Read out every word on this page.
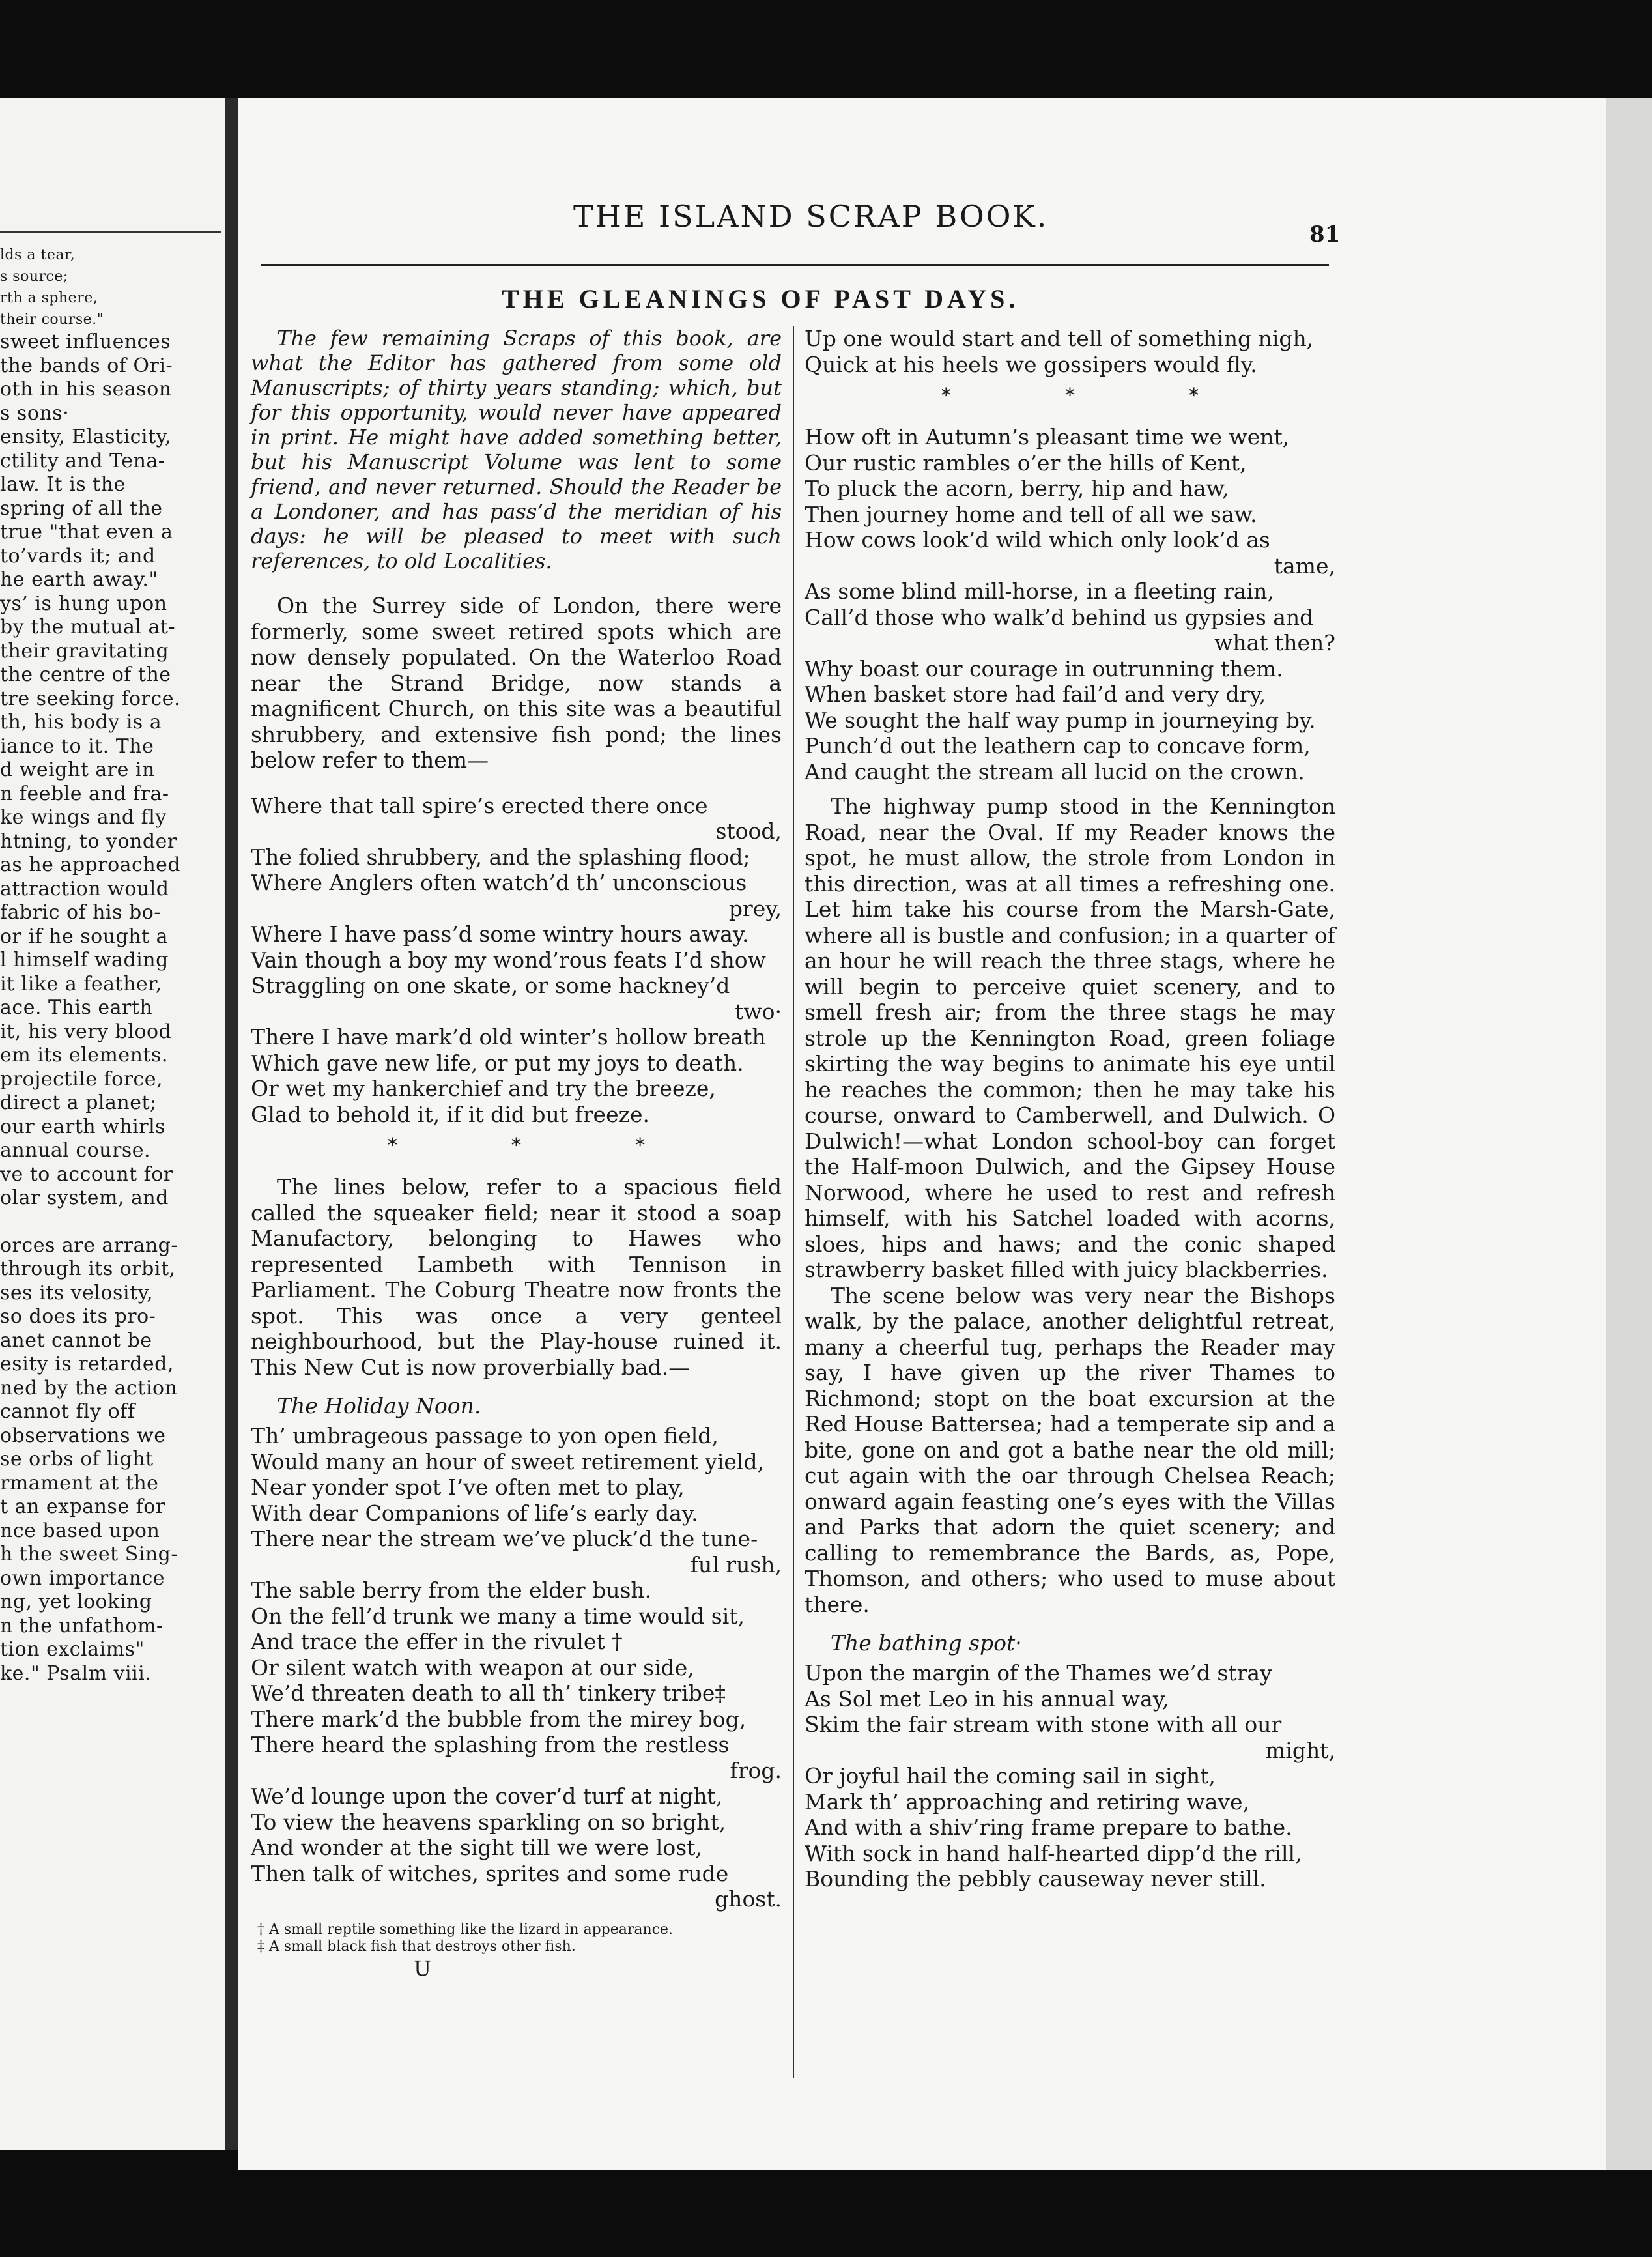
lds a tear,
s source;
rth a sphere,
their course."
sweet influences
the bands of Ori-
oth in his season
s sons·
ensity, Elasticity,
ctility and Tena-
law. It is the
spring of all the
true "that even a
to’vards it; and
he earth away."
ys’ is hung upon
by the mutual at-
their gravitating
the centre of the
tre seeking force.
th, his body is a
iance to it. The
d weight are in
n feeble and fra-
ke wings and fly
htning, to yonder
as he approached
attraction would
fabric of his bo-
or if he sought a
l himself wading
it like a feather,
ace. This earth
it, his very blood
em its elements.
projectile force,
direct a planet;
our earth whirls
annual course.
ve to account for
olar system, and
orces are arrang-
through its orbit,
ses its velosity,
so does its pro-
anet cannot be
esity is retarded,
ned by the action
cannot fly off
observations we
se orbs of light
rmament at the
t an expanse for
nce based upon
h the sweet Sing-
own importance
ng, yet looking
n the unfathom-
tion exclaims"
ke." Psalm viii.
THE ISLAND SCRAP BOOK.
81
THE GLEANINGS OF PAST DAYS.

The few remaining Scraps of this book, are what the Editor has gathered from some old Manuscripts; of thirty years standing; which, but for this opportunity, would never have appeared in print. He might have added something better, but his Manuscript Volume was lent to some friend, and never returned. Should the Reader be a Londoner, and has pass’d the meridian of his days: he will be pleased to meet with such references, to old Localities.

On the Surrey side of London, there were formerly, some sweet retired spots which are now densely populated. On the Waterloo Road near the Strand Bridge, now stands a magnificent Church, on this site was a beautiful shrubbery, and extensive fish pond; the lines below refer to them—

Where that tall spire’s erected there once
stood,
The folied shrubbery, and the splashing flood;
Where Anglers often watch’d th’ unconscious
prey,
Where I have pass’d some wintry hours away.
Vain though a boy my wond’rous feats I’d show
Straggling on one skate, or some hackney’d
two·
There I have mark’d old winter’s hollow breath
Which gave new life, or put my joys to death.
Or wet my hankerchief and try the breeze,
Glad to behold it, if it did but freeze.
*	*	*

The lines below, refer to a spacious field called the squeaker field; near it stood a soap Manufactory, belonging to Hawes who represented Lambeth with Tennison in Parliament. The Coburg Theatre now fronts the spot. This was once a very genteel neighbourhood, but the Play-house ruined it. This New Cut is now proverbially bad.—

The Holiday Noon.
Th’ umbrageous passage to yon open field,
Would many an hour of sweet retirement yield,
Near yonder spot I’ve often met to play,
With dear Companions of life’s early day.
There near the stream we’ve pluck’d the tune-
ful rush,
The sable berry from the elder bush.
On the fell’d trunk we many a time would sit,
And trace the effer in the rivulet †
Or silent watch with weapon at our side,
We’d threaten death to all th’ tinkery tribe‡
There mark’d the bubble from the mirey bog,
There heard the splashing from the restless
frog.
We’d lounge upon the cover’d turf at night,
To view the heavens sparkling on so bright,
And wonder at the sight till we were lost,
Then talk of witches, sprites and some rude
ghost.
† A small reptile something like the lizard in appearance.
‡ A small black fish that destroys other fish.
U
Up one would start and tell of something nigh,
Quick at his heels we gossipers would fly.
*	*	*
How oft in Autumn’s pleasant time we went,
Our rustic rambles o’er the hills of Kent,
To pluck the acorn, berry, hip and haw,
Then journey home and tell of all we saw.
How cows look’d wild which only look’d as
tame,
As some blind mill-horse, in a fleeting rain,
Call’d those who walk’d behind us gypsies and
what then?
Why boast our courage in outrunning them.
When basket store had fail’d and very dry,
We sought the half way pump in journeying by.
Punch’d out the leathern cap to concave form,
And caught the stream all lucid on the crown.

The highway pump stood in the Kennington Road, near the Oval. If my Reader knows the spot, he must allow, the strole from London in this direction, was at all times a refreshing one. Let him take his course from the Marsh-Gate, where all is bustle and confusion; in a quarter of an hour he will reach the three stags, where he will begin to perceive quiet scenery, and to smell fresh air; from the three stags he may strole up the Kennington Road, green foliage skirting the way begins to animate his eye until he reaches the common; then he may take his course, onward to Camberwell, and Dulwich. O Dulwich!—what London school-boy can forget the Half-moon Dulwich, and the Gipsey House Norwood, where he used to rest and refresh himself, with his Satchel loaded with acorns, sloes, hips and haws; and the conic shaped strawberry basket filled with juicy blackberries.

The scene below was very near the Bishops walk, by the palace, another delightful retreat, many a cheerful tug, perhaps the Reader may say, I have given up the river Thames to Richmond; stopt on the boat excursion at the Red House Battersea; had a temperate sip and a bite, gone on and got a bathe near the old mill; cut again with the oar through Chelsea Reach; onward again feasting one’s eyes with the Villas and Parks that adorn the quiet scenery; and calling to remembrance the Bards, as, Pope, Thomson, and others; who used to muse about there.

The bathing spot·
Upon the margin of the Thames we’d stray
As Sol met Leo in his annual way,
Skim the fair stream with stone with all our
might,
Or joyful hail the coming sail in sight,
Mark th’ approaching and retiring wave,
And with a shiv’ring frame prepare to bathe.
With sock in hand half-hearted dipp’d the rill,
Bounding the pebbly causeway never still.
